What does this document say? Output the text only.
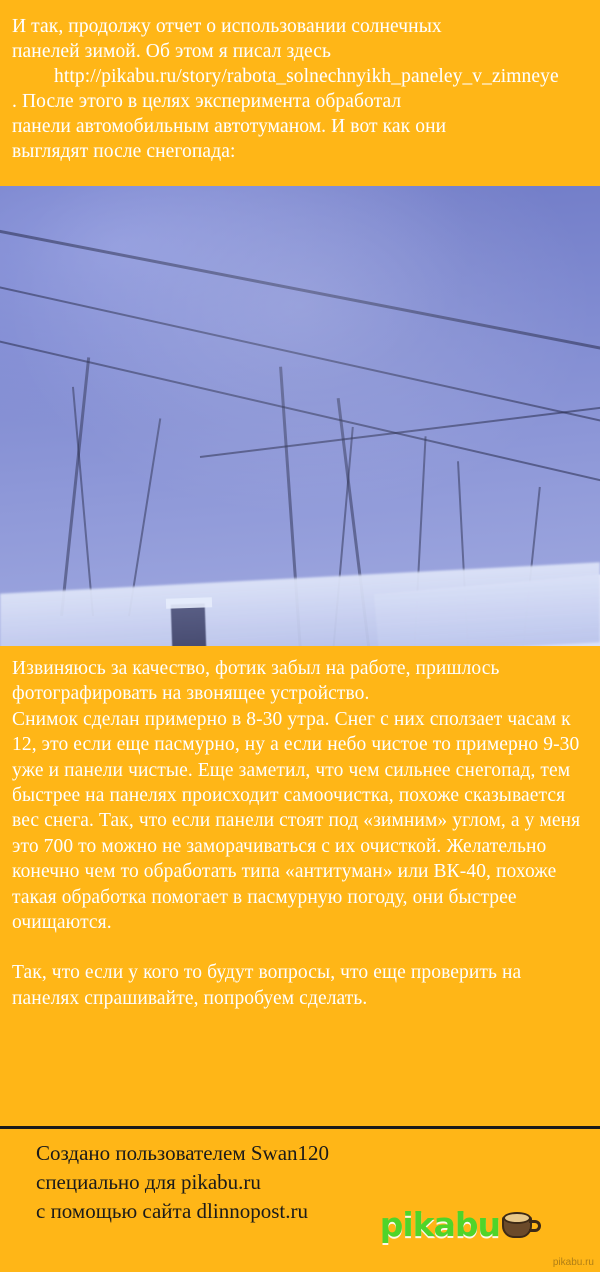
И так, продолжу отчет о использовании солнечных

панелей зимой. Об этом я писал здесь

http://pikabu.ru/story/rabota_solnechnyikh_paneley_v_zimneye

. После этого в целях эксперимента обработал

панели автомобильным автотуманом. И вот как они

выглядят после снегопада:

Извиняюсь за качество, фотик забыл на работе, пришлось фотографировать на звонящее устройство.

Снимок сделан примерно в 8-30 утра. Снег с них сползает часам к 12, это если еще пасмурно, ну а если небо чистое то примерно 9-30 уже и панели чистые. Еще заметил, что чем сильнее снегопад, тем быстрее на панелях происходит самоочистка, похоже сказывается вес снега. Так, что если панели стоят под «зимним» углом, а у меня это 700 то можно не заморачиваться с их очисткой. Желательно конечно чем то обработать типа «антитуман» или ВК-40, похоже такая обработка помогает в пасмурную погоду, они быстрее очищаются.

Так, что если у кого то будут вопросы, что еще проверить на панелях спрашивайте, попробуем сделать.

Создано пользователем Swan120

специально для pikabu.ru

с помощью сайта dlinnopost.ru	pikab u
pikabu.ru
